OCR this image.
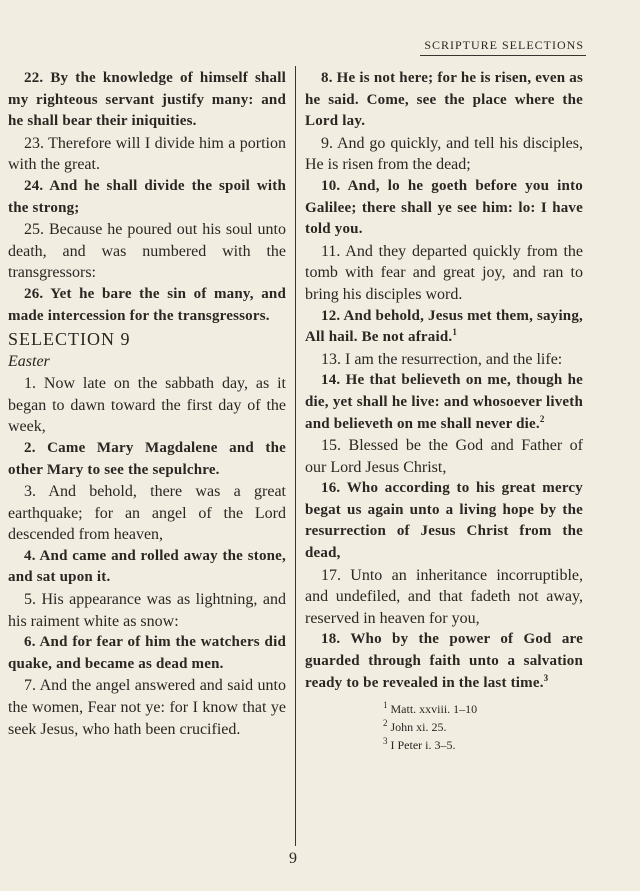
SCRIPTURE SELECTIONS

22. By the knowledge of himself shall my righteous servant justify many: and he shall bear their iniquities.

23. Therefore will I divide him a portion with the great.

24. And he shall divide the spoil with the strong;

25. Because he poured out his soul unto death, and was numbered with the transgressors:

26. Yet he bare the sin of many, and made intercession for the transgressors.

SELECTION 9

Easter

1. Now late on the sabbath day, as it began to dawn toward the first day of the week,

2. Came Mary Magdalene and the other Mary to see the sepulchre.

3. And behold, there was a great earthquake; for an angel of the Lord descended from heaven,

4. And came and rolled away the stone, and sat upon it.

5. His appearance was as lightning, and his raiment white as snow:

6. And for fear of him the watchers did quake, and became as dead men.

7. And the angel answered and said unto the women, Fear not ye: for I know that ye seek Jesus, who hath been crucified.

8. He is not here; for he is risen, even as he said. Come, see the place where the Lord lay.

9. And go quickly, and tell his disciples, He is risen from the dead;

10. And, lo he goeth before you into Galilee; there shall ye see him: lo: I have told you.

11. And they departed quickly from the tomb with fear and great joy, and ran to bring his disciples word.

12. And behold, Jesus met them, saying, All hail. Be not afraid.$^1$

13. I am the resurrection, and the life:

14. He that believeth on me, though he die, yet shall he live: and whosoever liveth and believeth on me shall never die.$^2$

15. Blessed be the God and Father of our Lord Jesus Christ,

16. Who according to his great mercy begat us again unto a living hope by the resurrection of Jesus Christ from the dead,

17. Unto an inheritance incorruptible, and undefiled, and that fadeth not away, reserved in heaven for you,

18. Who by the power of God are guarded through faith unto a salvation ready to be revealed in the last time.$^3$

$^1$ Matt. xxviii. 1–10
$^2$ John xi. 25.
$^3$ I Peter i. 3–5.
9
